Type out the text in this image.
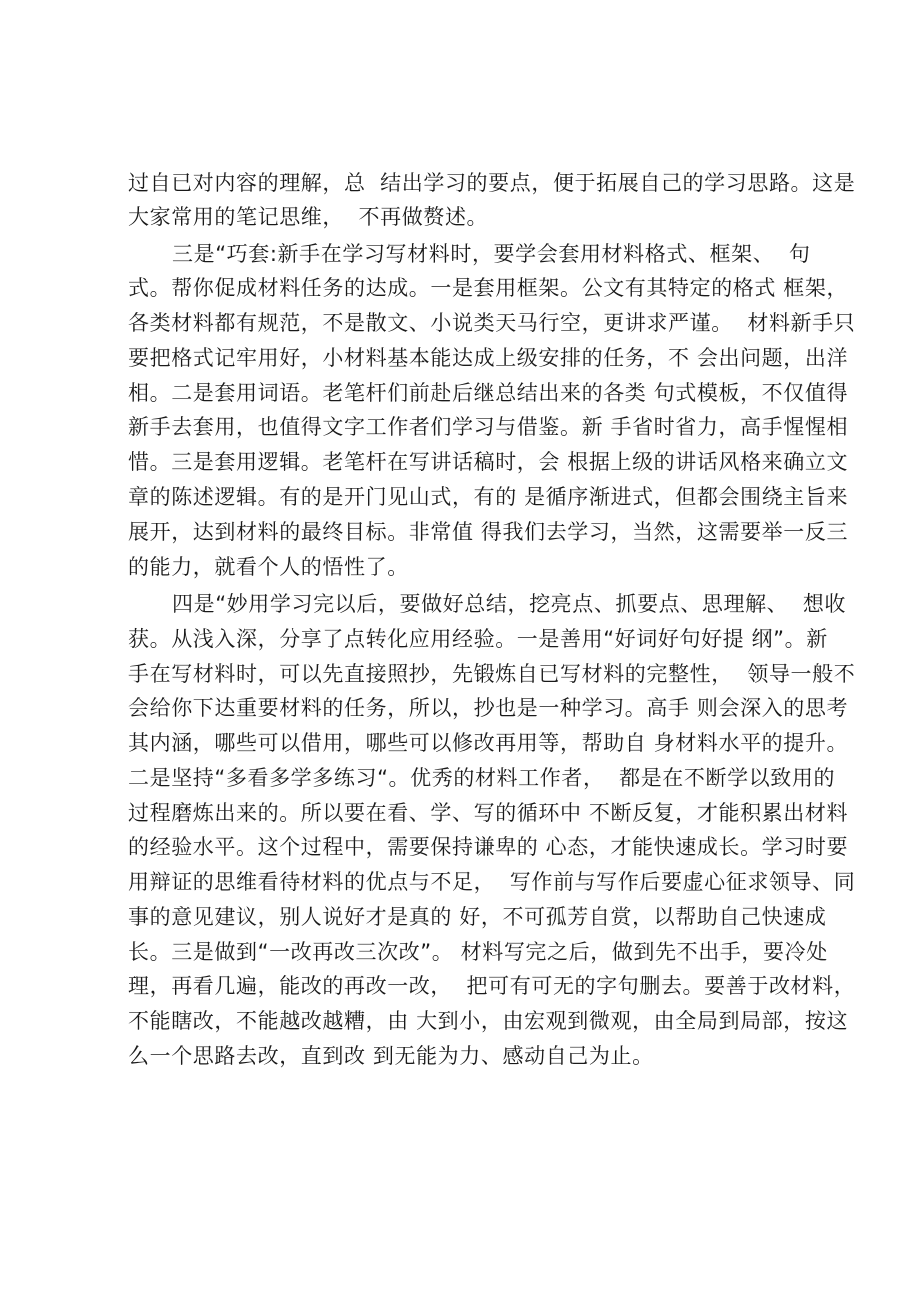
过自已对内容的理解，总  结出学习的要点，便于拓展自己的学习思路。这是
大家常用的笔记思维，  不再做赘述。
三是“巧套:新手在学习写材料时，要学会套用材料格式、框架、  句
式。帮你促成材料任务的达成。一是套用框架。公文有其特定的格式 框架，
各类材料都有规范，不是散文、小说类天马行空，更讲求严谨。  材料新手只
要把格式记牢用好，小材料基本能达成上级安排的任务，不 会出问题，出洋
相。二是套用词语。老笔杆们前赴后继总结出来的各类 句式模板，不仅值得
新手去套用，也值得文字工作者们学习与借鉴。新 手省时省力，高手惺惺相
惜。三是套用逻辑。老笔杆在写讲话稿时，会 根据上级的讲话风格来确立文
章的陈述逻辑。有的是开门见山式，有的 是循序渐进式，但都会围绕主旨来
展开，达到材料的最终目标。非常值 得我们去学习，当然，这需要举一反三
的能力，就看个人的悟性了。
四是“妙用学习完以后，要做好总结，挖亮点、抓要点、思理解、  想收
获。从浅入深，分享了点转化应用经验。一是善用“好词好句好提 纲”。新
手在写材料时，可以先直接照抄，先锻炼自已写材料的完整性，  领导一般不
会给你下达重要材料的任务，所以，抄也是一种学习。高手 则会深入的思考
其内涵，哪些可以借用，哪些可以修改再用等，帮助自 身材料水平的提升。
二是坚持“多看多学多练习“。优秀的材料工作者，  都是在不断学以致用的
过程磨炼出来的。所以要在看、学、写的循环中 不断反复，才能积累出材料
的经验水平。这个过程中，需要保持谦卑的 心态，才能快速成长。学习时要
用辩证的思维看待材料的优点与不足，  写作前与写作后要虚心征求领导、同
事的意见建议，别人说好才是真的 好，不可孤芳自赏，以帮助自己快速成
长。三是做到“一改再改三次改”。 材料写完之后，做到先不出手，要冷处
理，再看几遍，能改的再改一改，  把可有可无的字句删去。要善于改材料，
不能瞎改，不能越改越糟，由 大到小，由宏观到微观，由全局到局部，按这
么一个思路去改，直到改 到无能为力、感动自己为止。
